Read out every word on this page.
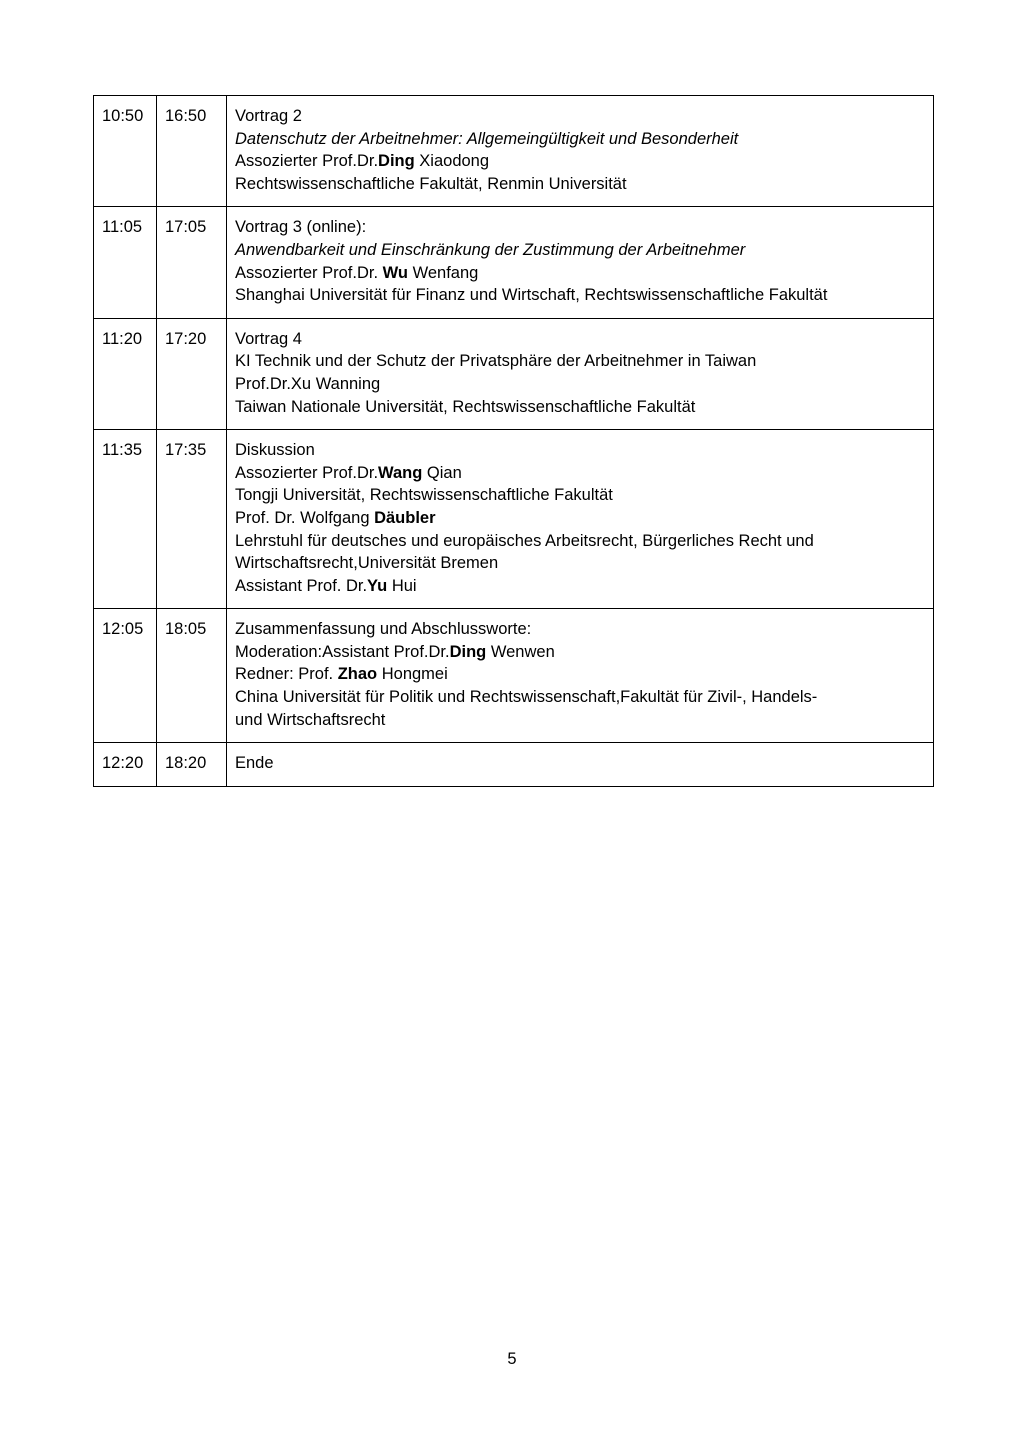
10:50	16:50	Vortrag 2
Datenschutz der Arbeitnehmer: Allgemeingültigkeit und Besonderheit
Assozierter Prof.Dr.Ding Xiaodong
Rechtswissenschaftliche Fakultät, Renmin Universität

11:05	17:05	Vortrag 3 (online):
Anwendbarkeit und Einschränkung der Zustimmung der Arbeitnehmer
Assozierter Prof.Dr. Wu Wenfang
Shanghai Universität für Finanz und Wirtschaft, Rechtswissenschaftliche Fakultät

11:20	17:20	Vortrag 4
KI Technik und der Schutz der Privatsphäre der Arbeitnehmer in Taiwan
Prof.Dr.Xu Wanning
Taiwan Nationale Universität, Rechtswissenschaftliche Fakultät

11:35	17:35	Diskussion
Assozierter Prof.Dr.Wang Qian
Tongji Universität, Rechtswissenschaftliche Fakultät
Prof. Dr. Wolfgang Däubler
Lehrstuhl für deutsches und europäisches Arbeitsrecht, Bürgerliches Recht und
Wirtschaftsrecht,Universität Bremen
Assistant Prof. Dr.Yu Hui

12:05	18:05	Zusammenfassung und Abschlussworte:
Moderation:Assistant Prof.Dr.Ding Wenwen
Redner: Prof. Zhao Hongmei
China Universität für Politik und Rechtswissenschaft,Fakultät für Zivil-, Handels-
und Wirtschaftsrecht

12:20	18:20	Ende
5
